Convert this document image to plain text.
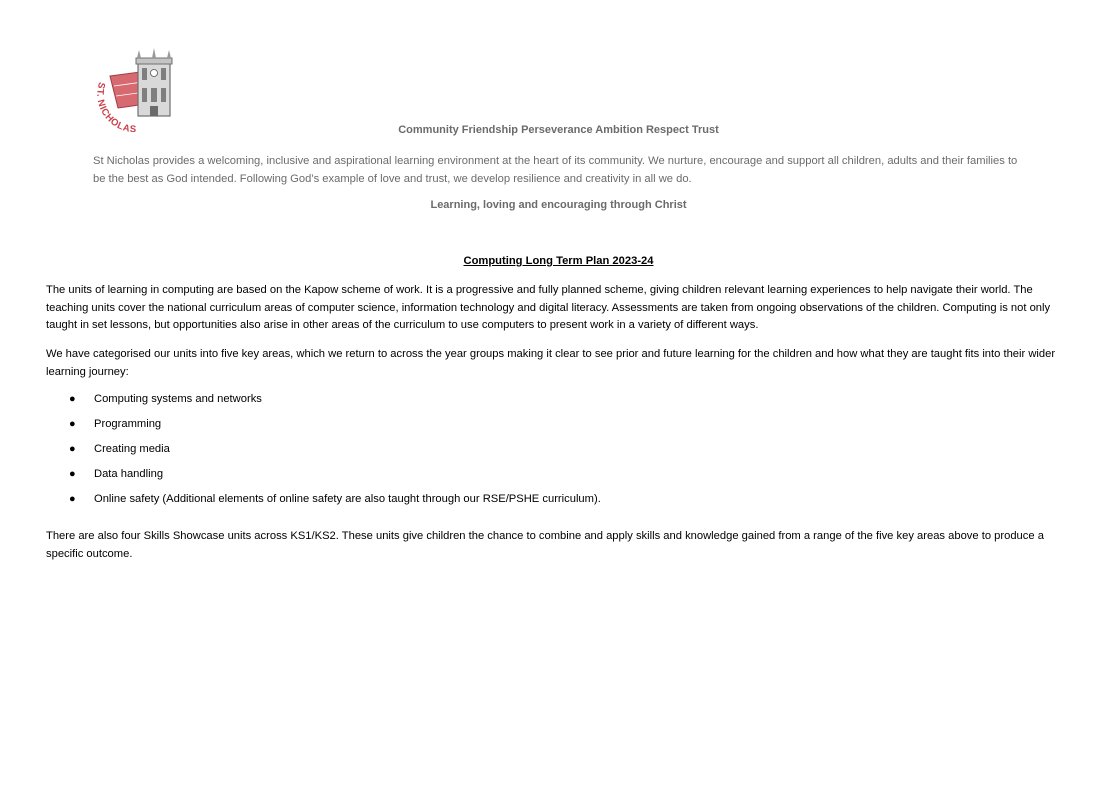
ICHOLAS	Community Friendship Perseverance Ambition Respect Trust
St Nicholas provides a welcoming, inclusive and aspirational learning environment at the heart of its community. We nurture, encourage and support all children, adults and their families to be the best as God intended. Following God’s example of love and trust, we develop resilience and creativity in all we do.
Learning, loving and encouraging through Christ
Computing Long Term Plan 2023-24
The units of learning in computing are based on the Kapow scheme of work. It is a progressive and fully planned scheme, giving children relevant learning experiences to help navigate their world. The teaching units cover the national curriculum areas of computer science, information technology and digital literacy. Assessments are taken from ongoing observations of the children. Computing is not only taught in set lessons, but opportunities also arise in other areas of the curriculum to use computers to present work in a variety of different ways.
We have categorised our units into five key areas, which we return to across the year groups making it clear to see prior and future learning for the children and how what they are taught fits into their wider learning journey:
● Computing systems and networks
● Programming
● Creating media
● Data handling
● Online safety (Additional elements of online safety are also taught through our RSE/PSHE curriculum).
There are also four Skills Showcase units across KS1/KS2. These units give children the chance to combine and apply skills and knowledge gained from a range of the five key areas above to produce a specific outcome.
